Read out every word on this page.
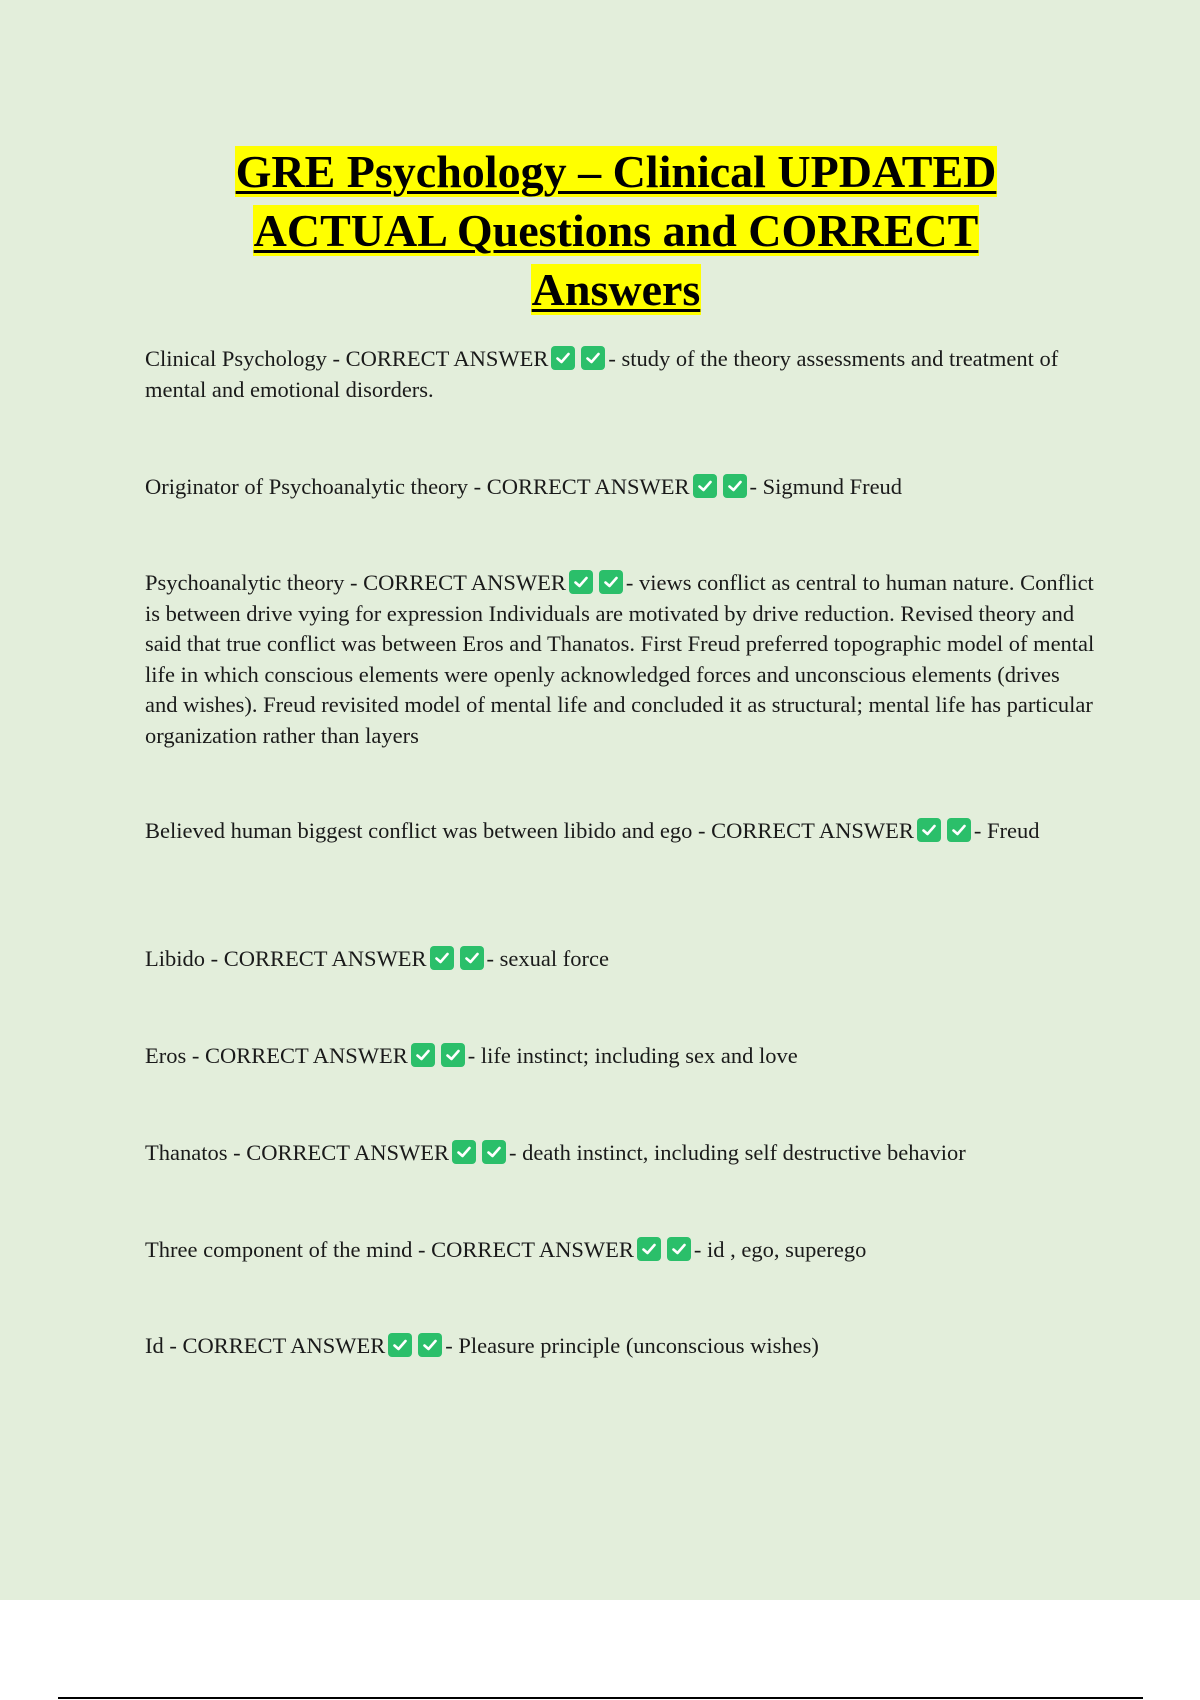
GRE Psychology – Clinical UPDATED
ACTUAL Questions and CORRECT
Answers

Clinical Psychology - CORRECT ANSWER	- study of the theory assessments and treatment of mental and emotional disorders.

Originator of Psychoanalytic theory - CORRECT ANSWER	- Sigmund Freud

Psychoanalytic theory - CORRECT ANSWER	- views conflict as central to human nature. Conflict is between drive vying for expression Individuals are motivated by drive reduction. Revised theory and said that true conflict was between Eros and Thanatos. First Freud preferred topographic model of mental life in which conscious elements were openly acknowledged forces and unconscious elements (drives and wishes). Freud revisited model of mental life and concluded it as structural; mental life has particular organization rather than layers

Believed human biggest conflict was between libido and ego - CORRECT ANSWER	- Freud

Libido - CORRECT ANSWER	- sexual force

Eros - CORRECT ANSWER	- life instinct; including sex and love

Thanatos - CORRECT ANSWER	- death instinct, including self destructive behavior

Three component of the mind - CORRECT ANSWER	- id , ego, superego

Id - CORRECT ANSWER	- Pleasure principle (unconscious wishes)
